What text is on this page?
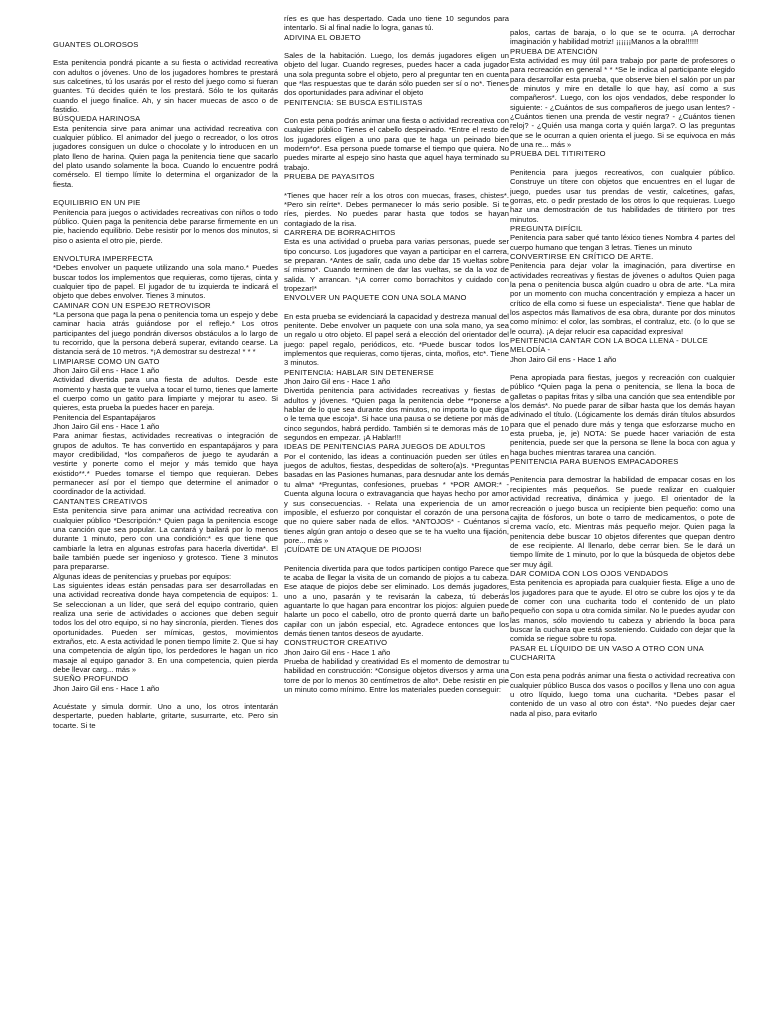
GUANTES OLOROSOS

Esta penitencia pondrá picante a su fiesta o actividad recreativa con adultos o jóvenes. Uno de los jugadores hombres te prestará sus calcetines, tú los usarás por el resto del juego como si fueran guantes. Tú decides quién te los prestará. Sólo te los quitarás cuando el juego finalice. Ah, y sin hacer muecas de asco o de fastidio.

BÚSQUEDA HARINOSA

Esta penitencia sirve para animar una actividad recreativa con cualquier público. El animador del juego o recreador, o los otros jugadores consiguen un dulce o chocolate y lo introducen en un plato lleno de harina. Quien paga la penitencia tiene que sacarlo del plato usando solamente la boca. Cuando lo encuentre podrá comérselo. El tiempo límite lo determina el organizador de la fiesta.

EQUILIBRIO EN UN PIE

Penitencia para juegos o actividades recreativas con niños o todo público. Quien paga la penitencia debe pararse firmemente en un pie, haciendo equilibrio. Debe resistir por lo menos dos minutos, si piso o asienta el otro pie, pierde.

ENVOLTURA IMPERFECTA

*Debes envolver un paquete utilizando una sola mano.* Puedes buscar todos los implementos que requieras, como tijeras, cinta y cualquier tipo de papel. El jugador de tu izquierda te indicará el objeto que debes envolver. Tienes 3 minutos.

CAMINAR CON UN ESPEJO RETROVISOR

*La persona que paga la pena o penitencia toma un espejo y debe caminar hacia atrás guiándose por el reflejo.* Los otros participantes del juego pondrán diversos obstáculos a lo largo de tu recorrido, que la persona deberá superar, evitando cearse. La distancia será de 10 metros. *¡A demostrar su destreza! * * *

LIMPIARSE COMO UN GATO

Jhon Jairo Gil ens - Hace 1 año
Actividad divertida para una fiesta de adultos. Desde este momento y hasta que te vuelva a tocar el turno, tienes que lamerte el cuerpo como un gatito para limpiarte y mejorar tu aseo. Si quieres, esta prueba la puedes hacer en pareja.

Penitencia del Espantapájaros
Jhon Jairo Gil ens - Hace 1 año
Para animar fiestas, actividades recreativas o integración de grupos de adultos. Te has convertido en espantapájaros y para mayor credibilidad, *los compañeros de juego te ayudarán a vestirte y ponerte como el mejor y más temido que haya existido**.* Puedes tomarse el tiempo que requieran. Debes permanecer así por el tiempo que determine el animador o coordinador de la actividad.

CANTANTES CREATIVOS

Esta penitencia sirve para animar una actividad recreativa con cualquier público *Descripción:* Quien paga la penitencia escoge una canción que sea popular. La cantará y bailará por lo menos durante 1 minuto, pero con una condición:* es que tiene que cambiarle la letra en algunas estrofas para hacerla divertida*. El baile también puede ser ingenioso y grotesco. Tiene 3 minutos para prepararse.
Algunas ideas de penitencias y pruebas por equipos:
Las siguientes ideas están pensadas para ser desarrolladas en una actividad recreativa donde haya competencia de equipos: 1. Se seleccionan a un líder, que será del equipo contrario, quien realiza una serie de actividades o acciones que deben seguir todos los del otro equipo, si no hay sincronía, pierden. Tienes dos oportunidades. Pueden ser mímicas, gestos, movimientos extraños, etc. A esta actividad le ponen tiempo límite 2. Que si hay una competencia de algún tipo, los perdedores le hagan un rico masaje al equipo ganador 3. En una competencia, quien pierda debe llevar carg... más »

SUEÑO PROFUNDO

Jhon Jairo Gil ens - Hace 1 año

Acuéstate y simula dormir. Uno a uno, los otros intentarán despertarte, pueden hablarte, gritarte, susurrarte, etc. Pero sin tocarte. Si te

ríes es que has despertado. Cada uno tiene 10 segundos para intentarlo. Si al final nadie lo logra, ganas tú.

ADIVINA EL OBJETO

Sales de la habitación. Luego, los demás jugadores eligen un objeto del lugar. Cuando regreses, puedes hacer a cada jugador una sola pregunta sobre el objeto, pero al preguntar ten en cuenta que *las respuestas que te darán sólo pueden ser sí o no*. Tienes dos oportunidades para adivinar el objeto

PENITENCIA: SE BUSCA ESTILISTAS

Con esta pena podrás animar una fiesta o actividad recreativa con cualquier público Tienes el cabello despeinado. *Entre el resto de los jugadores eligen a uno para que te haga un peinado bien modern*o*. Esa persona puede tomarse el tiempo que quiera. No puedes mirarte al espejo sino hasta que aquel haya terminado su trabajo.

PRUEBA DE PAYASITOS

*Tienes que hacer reír a los otros con muecas, frases, chistes*. *Pero sin reírte*. Debes permanecer lo más serio posible. Si te ríes, pierdes. No puedes parar hasta que todos se hayan contagiado de la risa.

CARRERA DE BORRACHITOS

Esta es una actividad o prueba para varias personas, puede ser tipo concurso. Los jugadores que vayan a participar en el carrera, se preparan. *Antes de salir, cada uno debe dar 15 vueltas sobre sí mismo*. Cuando terminen de dar las vueltas, se da la voz de salida. Y arrancan. *¡A correr como borrachitos y cuidado con tropezar!*

ENVOLVER UN PAQUETE CON UNA SOLA MANO

En esta prueba se evidenciará la capacidad y destreza manual del penitente. Debe envolver un paquete con una sola mano, ya sea un regalo u otro objeto. El papel será a elección del orientador del juego: papel regalo, periódicos, etc. *Puede buscar todos los implementos que requieras, como tijeras, cinta, moños, etc*. Tiene 3 minutos.

PENITENCIA: HABLAR SIN DETENERSE

Jhon Jairo Gil ens - Hace 1 año
Divertida penitencia para actividades recreativas y fiestas de adultos y jóvenes. *Quien paga la penitencia debe **ponerse a hablar de lo que sea durante dos minutos, no importa lo que diga o le tema que escoja*. Si hace una pausa o se detiene por más de cinco segundos, habrá perdido. También si te demoras más de 10 segundos en empezar. ¡A Hablar!!!

IDEAS DE PENITENCIAS PARA JUEGOS DE ADULTOS

Por el contenido, las ideas a continuación pueden ser útiles en juegos de adultos, fiestas, despedidas de soltero(a)s. *Preguntas basadas en las Pasiones humanas, para desnudar ante los demás tu alma* *Preguntas, confesiones, pruebas * *POR AMOR:* - Cuenta alguna locura o extravagancia que hayas hecho por amor y sus consecuencias. - Relata una experiencia de un amor imposible, el esfuerzo por conquistar el corazón de una persona que no quiere saber nada de ellos. *ANTOJOS* - Cuéntanos si tienes algún gran antojo o deseo que se te ha vuelto una fijación, pore... más »
¡CUÍDATE DE UN ATAQUE DE PIOJOS!

Penitencia divertida para que todos participen contigo Parece que te acaba de llegar la visita de un comando de piojos a tu cabeza. Ese ataque de piojos debe ser eliminado. Los demás jugadores, uno a uno, pasarán y te revisarán la cabeza, tú deberás aguantarte lo que hagan para encontrar los piojos: alguien puede halarte un poco el cabello, otro de pronto querrá darte un baño capilar con un jabón especial, etc. Agradece entonces que los demás tienen tantos deseos de ayudarte.

CONSTRUCTOR CREATIVO

Jhon Jairo Gil ens - Hace 1 año
Prueba de habilidad y creatividad Es el momento de demostrar tu habilidad en construcción: *Consigue objetos diversos y arma una torre de por lo menos 30 centímetros de alto*. Debe resistir en pie un minuto como mínimo. Entre los materiales pueden conseguir:

palos, cartas de baraja, o lo que se te ocurra. ¡A derrochar imaginación y habilidad motriz! ¡¡¡¡¡¡Manos a la obra!!!!!!

PRUEBA DE ATENCIÓN

Esta actividad es muy útil para trabajo por parte de profesores o para recreación en general * * *Se le indica al participante elegido para desarrollar esta prueba, que observe bien el salón por un par de minutos y mire en detalle lo que hay, así como a sus compañeros*. Luego, con los ojos vendados, debe responder lo siguiente: - ¿Cuántos de sus compañeros de juego usan lentes? - ¿Cuántos tienen una prenda de vestir negra? - ¿Cuántos tienen reloj? - ¿Quién usa manga corta y quién larga?. O las preguntas que se le ocurran a quien orienta el juego. Si se equivoca en más de una re... más »

PRUEBA DEL TITIRITERO

Penitencia para juegos recreativos, con cualquier público. Construye un títere con objetos que encuentres en el lugar de juego, puedes usar tus prendas de vestir, calcetines, gafas, gorras, etc. o pedir prestado de los otros lo que requieras. Luego haz una demostración de tus habilidades de titiritero por tres minutos.

PREGUNTA DIFÍCIL

Penitencia para saber qué tanto léxico tienes Nombra 4 partes del cuerpo humano que tengan 3 letras. Tienes un minuto

CONVERTIRSE EN CRÍTICO DE ARTE.

Penitencia para dejar volar la imaginación, para divertirse en actividades recreativas y fiestas de jóvenes o adultos Quien paga la pena o penitencia busca algún cuadro u obra de arte. *La mira por un momento con mucha concentración y empieza a hacer un crítico de ella como si fuese un especialista*. Tiene que hablar de los aspectos más llamativos de esa obra, durante por dos minutos como mínimo: el color, las sombras, el contraluz, etc. (o lo que se le ocurra). ¡A dejar relucir esa capacidad expresiva!

PENITENCIA CANTAR CON LA BOCA LLENA - DULCE MELODÍA -

Jhon Jairo Gil ens - Hace 1 año

Pena apropiada para fiestas, juegos y recreación con cualquier público *Quien paga la pena o penitencia, se llena la boca de galletas o papitas fritas y silba una canción que sea entendible por los demás*. No puede parar de silbar hasta que los demás hayan adivinado el título. (Lógicamente los demás dirán títulos absurdos para que el penado dure más y tenga que esforzarse mucho en esta prueba, je, je) NOTA: Se puede hacer variación de esta penitencia, puede ser que la persona se llene la boca con agua y haga buches mientras tararea una canción.

PENITENCIA PARA BUENOS EMPACADORES

Penitencia para demostrar la habilidad de empacar cosas en los recipientes más pequeños. Se puede realizar en cualquier actividad recreativa, dinámica y juego. El orientador de la recreación o juego busca un recipiente bien pequeño: como una cajita de fósforos, un bote o tarro de medicamentos, o pote de crema vacío, etc. Mientras más pequeño mejor. Quien paga la penitencia debe buscar 10 objetos diferentes que quepan dentro de ese recipiente. Al llenarlo, debe cerrar bien. Se le dará un tiempo límite de 1 minuto, por lo que la búsqueda de objetos debe ser muy ágil.

DAR COMIDA CON LOS OJOS VENDADOS

Esta penitencia es apropiada para cualquier fiesta. Elige a uno de los jugadores para que te ayude. El otro se cubre los ojos y te da de comer con una cucharita todo el contenido de un plato pequeño con sopa u otra comida similar. No le puedes ayudar con las manos, sólo moviendo tu cabeza y abriendo la boca para buscar la cuchara que está sosteniendo. Cuidado con dejar que la comida se riegue sobre tu ropa.

PASAR EL LÍQUIDO DE UN VASO A OTRO CON UNA CUCHARITA

Con esta pena podrás animar una fiesta o actividad recreativa con cualquier público Busca dos vasos o pocillos y llena uno con agua u otro líquido, luego toma una cucharita. *Debes pasar el contenido de un vaso al otro con ésta*. *No puedes dejar caer nada al piso, para evitarlo
